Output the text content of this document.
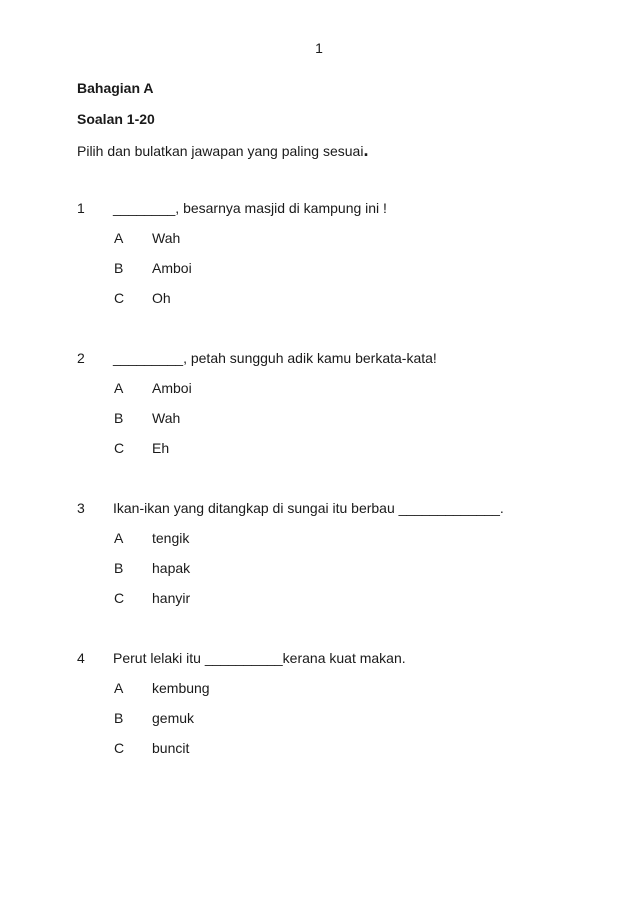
1
Bahagian A
Soalan 1-20
Pilih dan bulatkan jawapan yang paling sesuai.
1 ________, besarnya masjid di kampung ini !
A Wah
B Amboi
C Oh
2 _________, petah sungguh adik kamu berkata-kata!
A Amboi
B Wah
C Eh
3 Ikan-ikan yang ditangkap di sungai itu berbau _____________.
A tengik
B hapak
C hanyir
4 Perut lelaki itu __________kerana kuat makan.
A kembung
B gemuk
C buncit
